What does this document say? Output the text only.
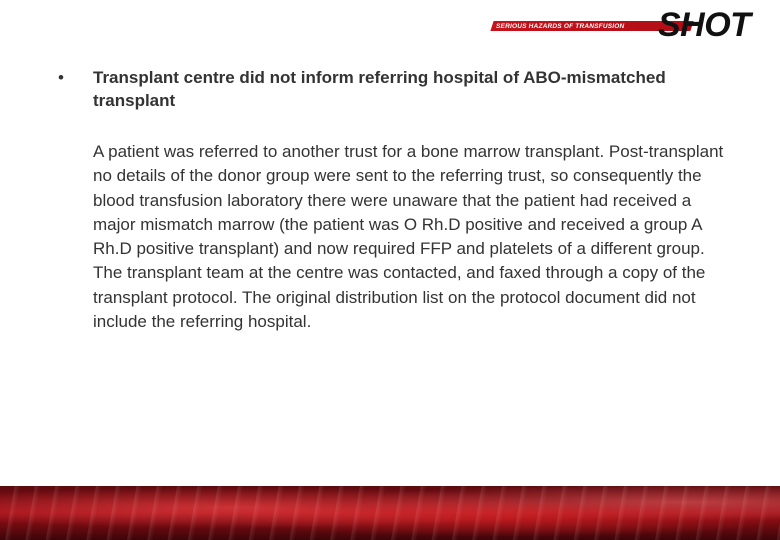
SERIOUS HAZARDS OF TRANSFUSION SHOT
•	Transplant centre did not inform referring hospital of ABO-mismatched transplant
A patient was referred to another trust for a bone marrow transplant. Post-transplant no details of the donor group were sent to the referring trust, so consequently the blood transfusion laboratory there were unaware that the patient had received a major mismatch marrow (the patient was O Rh.D positive and received a group A Rh.D positive transplant) and now required FFP and platelets of a different group. The transplant team at the centre was contacted, and faxed through a copy of the transplant protocol. The original distribution list on the protocol document did not include the referring hospital.
